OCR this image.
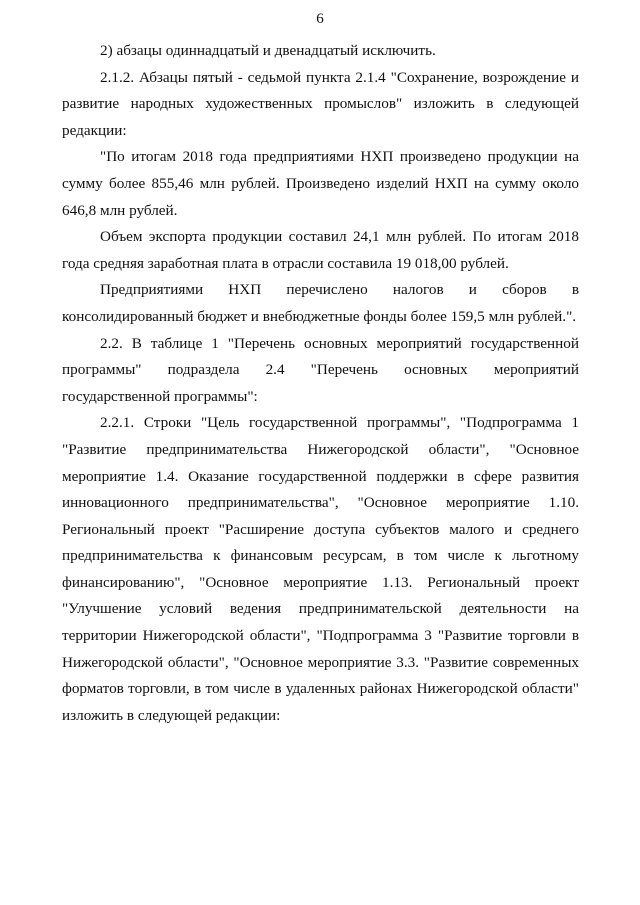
6

2) абзацы одиннадцатый и двенадцатый исключить.

2.1.2. Абзацы пятый - седьмой пункта 2.1.4 "Сохранение, возрождение и развитие народных художественных промыслов" изложить в следующей редакции:

"По итогам 2018 года предприятиями НХП произведено продукции на сумму более 855,46 млн рублей. Произведено изделий НХП на сумму около 646,8 млн рублей.

Объем экспорта продукции составил 24,1 млн рублей. По итогам 2018 года средняя заработная плата в отрасли составила 19 018,00 рублей.

Предприятиями НХП перечислено налогов и сборов в консолидированный бюджет и внебюджетные фонды более 159,5 млн рублей.".

2.2. В таблице 1 "Перечень основных мероприятий государственной программы" подраздела 2.4 "Перечень основных мероприятий государственной программы":

2.2.1. Строки "Цель государственной программы", "Подпрограмма 1 "Развитие предпринимательства Нижегородской области", "Основное мероприятие 1.4. Оказание государственной поддержки в сфере развития инновационного предпринимательства", "Основное мероприятие 1.10. Региональный проект "Расширение доступа субъектов малого и среднего предпринимательства к финансовым ресурсам, в том числе к льготному финансированию", "Основное мероприятие 1.13. Региональный проект "Улучшение условий ведения предпринимательской деятельности на территории Нижегородской области", "Подпрограмма 3 "Развитие торговли в Нижегородской области", "Основное мероприятие 3.3. "Развитие современных форматов торговли, в том числе в удаленных районах Нижегородской области" изложить в следующей редакции:
